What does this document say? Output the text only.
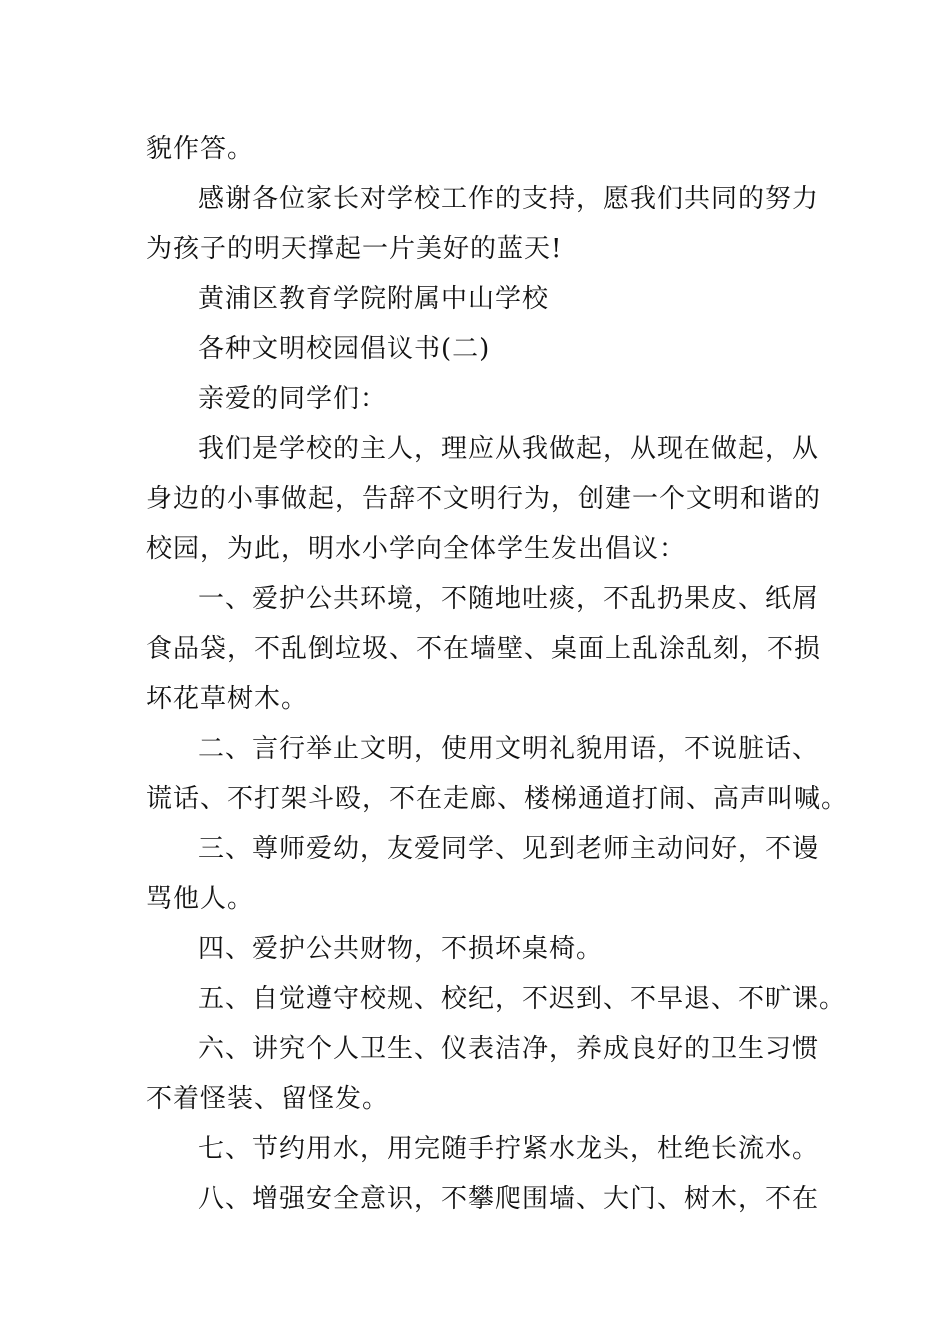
貌作答。

感谢各位家长对学校工作的支持，愿我们共同的努力

为孩子的明天撑起一片美好的蓝天!

黄浦区教育学院附属中山学校

各种文明校园倡议书(二)

亲爱的同学们：

我们是学校的主人，理应从我做起，从现在做起，从

身边的小事做起，告辞不文明行为，创建一个文明和谐的

校园，为此，明水小学向全体学生发出倡议：

一、爱护公共环境，不随地吐痰，不乱扔果皮、纸屑

食品袋，不乱倒垃圾、不在墙壁、桌面上乱涂乱刻，不损

坏花草树木。

二、言行举止文明，使用文明礼貌用语，不说脏话、

谎话、不打架斗殴，不在走廊、楼梯通道打闹、高声叫喊。

三、尊师爱幼，友爱同学、见到老师主动问好，不谩

骂他人。

四、爱护公共财物，不损坏桌椅。

五、自觉遵守校规、校纪，不迟到、不早退、不旷课。

六、讲究个人卫生、仪表洁净，养成良好的卫生习惯

不着怪装、留怪发。

七、节约用水，用完随手拧紧水龙头，杜绝长流水。

八、增强安全意识，不攀爬围墙、大门、树木，不在
